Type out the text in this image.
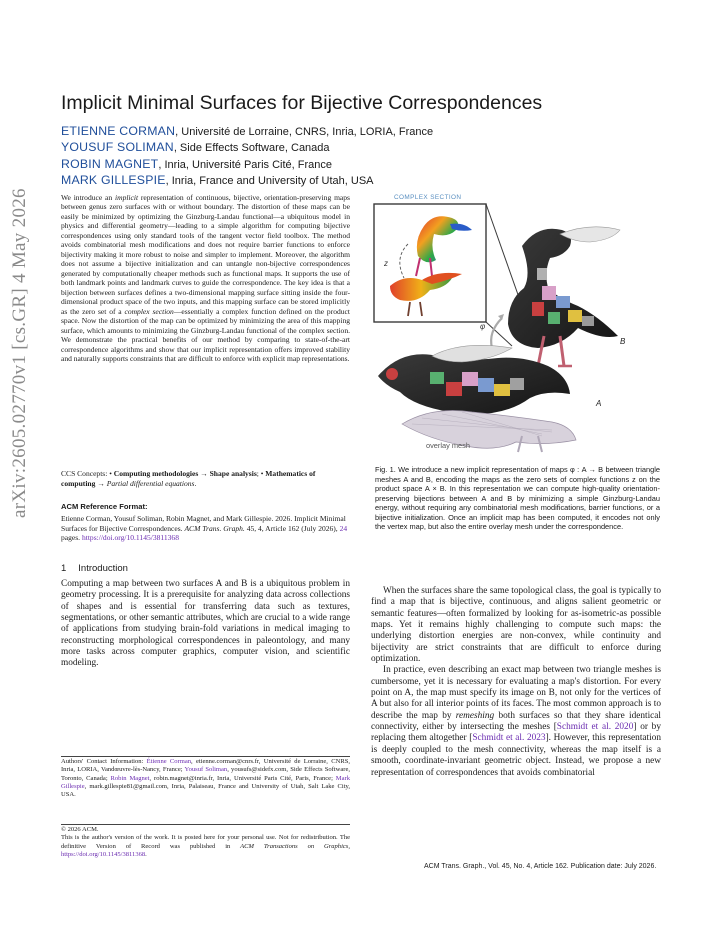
arXiv:2605.02770v1 [cs.GR] 4 May 2026
Implicit Minimal Surfaces for Bijective Correspondences
ETIENNE CORMAN, Université de Lorraine, CNRS, Inria, LORIA, France
YOUSUF SOLIMAN, Side Effects Software, Canada
ROBIN MAGNET, Inria, Université Paris Cité, France
MARK GILLESPIE, Inria, France and University of Utah, USA

We introduce an implicit representation of continuous, bijective, orientation-preserving maps between genus zero surfaces with or without boundary. The distortion of these maps can be easily be minimized by optimizing the Ginzburg-Landau functional—a ubiquitous model in physics and differential geometry—leading to a simple algorithm for computing bijective correspondences using only standard tools of the tangent vector field toolbox. The method avoids combinatorial mesh modifications and does not require barrier functions to enforce bijectivity making it more robust to noise and simpler to implement. Moreover, the algorithm does not assume a bijective initialization and can untangle non-bijective correspondences generated by computationally cheaper methods such as functional maps. It supports the use of both landmark points and landmark curves to guide the correspondence. The key idea is that a bijection between surfaces defines a two-dimensional mapping surface sitting inside the four-dimensional product space of the two inputs, and this mapping surface can be stored implicitly as the zero set of a complex section—essentially a complex function defined on the product space. Now the distortion of the map can be optimized by minimizing the area of this mapping surface, which amounts to minimizing the Ginzburg-Landau functional of the complex section. We demonstrate the practical benefits of our method by comparing to state-of-the-art correspondence algorithms and show that our implicit representation offers improved stability and naturally supports constraints that are difficult to enforce with explicit map representations.

CCS Concepts: • Computing methodologies → Shape analysis; • Mathematics of computing → Partial differential equations.
ACM Reference Format:
Etienne Corman, Yousuf Soliman, Robin Magnet, and Mark Gillespie. 2026. Implicit Minimal Surfaces for Bijective Correspondences. ACM Trans. Graph. 45, 4, Article 162 (July 2026), 24 pages. https://doi.org/10.1145/3811368
1 Introduction

Computing a map between two surfaces A and B is a ubiquitous problem in geometry processing. It is a prerequisite for analyzing data across collections of shapes and is essential for transferring data such as textures, segmentations, or other semantic attributes, which are crucial to a wide range of applications from studying brain-fold variations in medical imaging to reconstructing morphological correspondences in paleontology, and many more tasks across computer graphics, computer vision, and scientific modeling.

Authors' Contact Information: Étienne Corman, etienne.corman@cnrs.fr, Université de Lorraine, CNRS, Inria, LORIA, Vandœuvre-lès-Nancy, France; Yousuf Soliman, yousufs@sidefx.com, Side Effects Software, Toronto, Canada; Robin Magnet, robin.magnet@inria.fr, Inria, Université Paris Cité, Paris, France; Mark Gillespie, mark.gillespie81@gmail.com, Inria, Palaiseau, France and University of Utah, Salt Lake City, USA.
© 2026 ACM.
This is the author's version of the work. It is posted here for your personal use. Not for redistribution. The definitive Version of Record was published in ACM Transactions on Graphics, https://doi.org/10.1145/3811368.
z
COMPLEX SECTION
B
φ
A
overlay mesh
Fig. 1. We introduce a new implicit representation of maps φ : A → B between triangle meshes A and B, encoding the maps as the zero sets of complex functions z on the product space A × B. In this representation we can compute high-quality orientation-preserving bijections between A and B by minimizing a simple Ginzburg-Landau energy, without requiring any combinatorial mesh modifications, barrier functions, or a bijective initialization. Once an implicit map has been computed, it encodes not only the vertex map, but also the entire overlay mesh under the correspondence.

When the surfaces share the same topological class, the goal is typically to find a map that is bijective, continuous, and aligns salient geometric or semantic features—often formalized by looking for as-isometric-as possible maps. Yet it remains highly challenging to compute such maps: the underlying distortion energies are non-convex, while continuity and bijectivity are strict constraints that are difficult to enforce during optimization.

In practice, even describing an exact map between two triangle meshes is cumbersome, yet it is necessary for evaluating a map's distortion. For every point on A, the map must specify its image on B, not only for the vertices of A but also for all interior points of its faces. The most common approach is to describe the map by remeshing both surfaces so that they share identical connectivity, either by intersecting the meshes [Schmidt et al. 2020] or by replacing them altogether [Schmidt et al. 2023]. However, this representation is deeply coupled to the mesh connectivity, whereas the map itself is a smooth, coordinate-invariant geometric object. Instead, we propose a new representation of correspondences that avoids combinatorial

ACM Trans. Graph., Vol. 45, No. 4, Article 162. Publication date: July 2026.
